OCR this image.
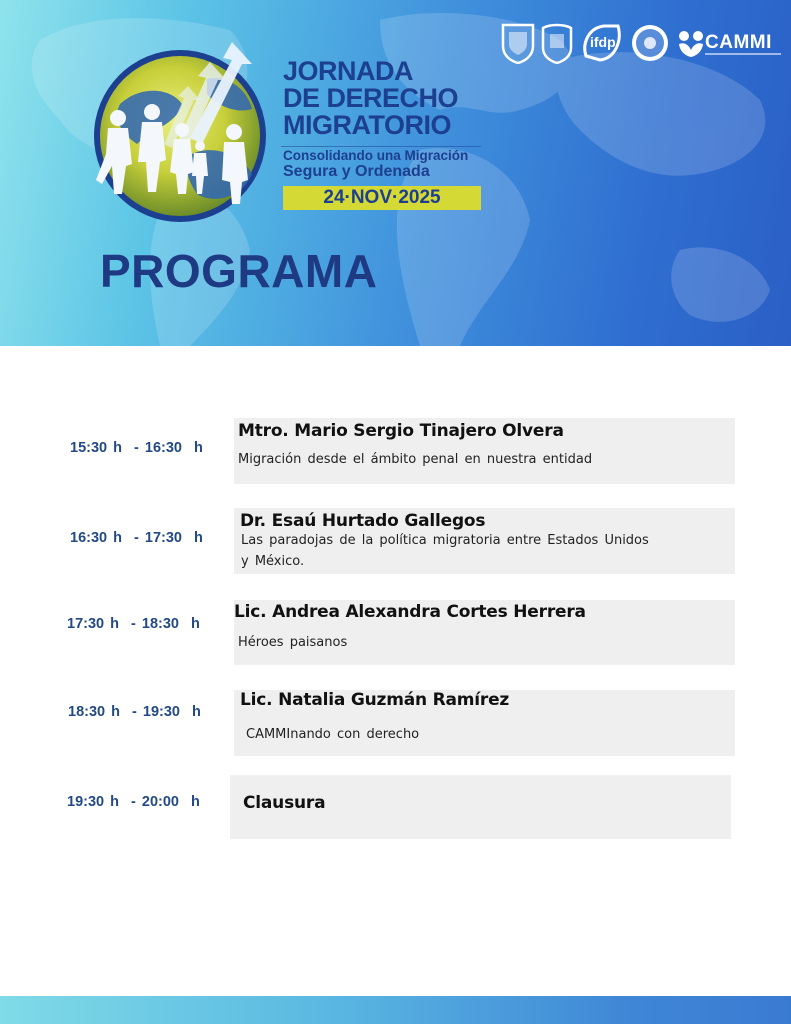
JORNADA
DE DERECHO
MIGRATORIO
Consolidando una Migración
Segura y Ordenada
24·NOV·2025
PROGRAMA
ifdp	CAMMI
15:30 h  - 16:30  h
Mtro. Mario Sergio Tinajero Olvera
Migración desde el ámbito penal en nuestra entidad
16:30 h  - 17:30  h
Dr. Esaú Hurtado Gallegos
Las paradojas de la política migratoria entre Estados Unidos y México.
17:30 h  - 18:30  h
Lic. Andrea Alexandra Cortes Herrera
Héroes paisanos
18:30 h  - 19:30  h
Lic. Natalia Guzmán Ramírez
CAMMInando con derecho
19:30 h  - 20:00  h	Clausura
